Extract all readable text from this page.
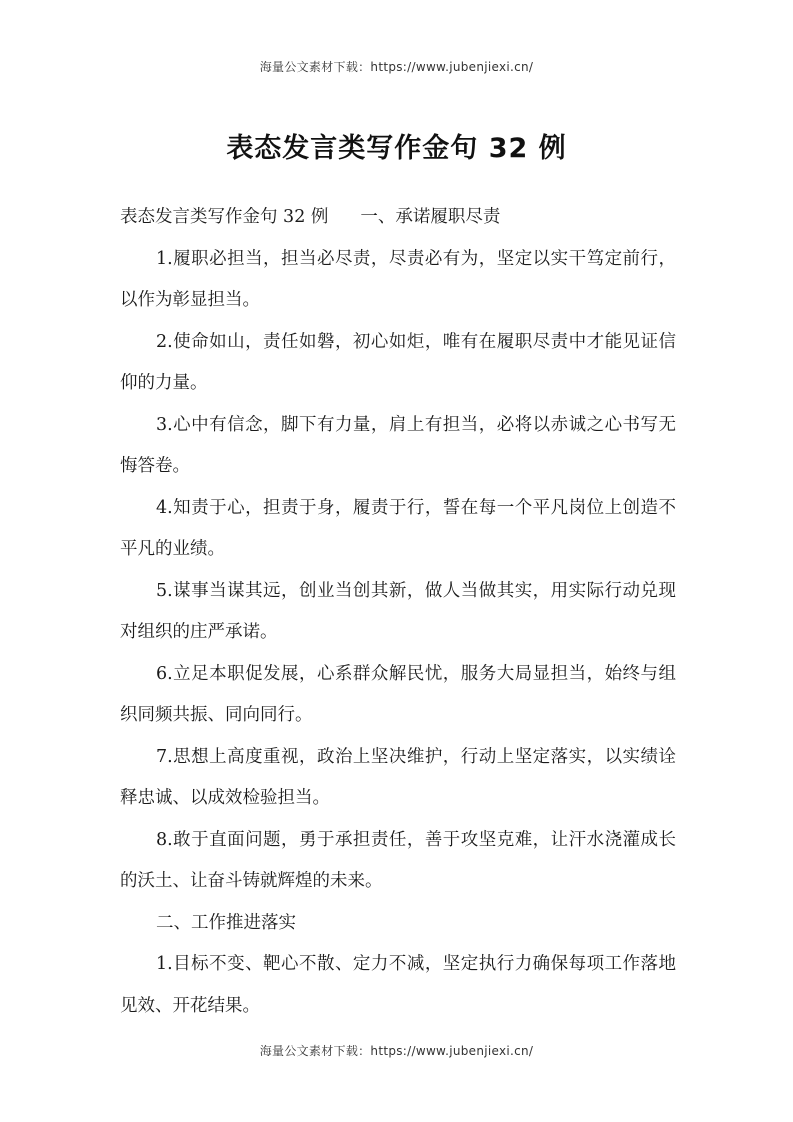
海量公文素材下载：https://www.jubenjiexi.cn/
表态发言类写作金句 32 例

表态发言类写作金句 32 例 一、承诺履职尽责

1.履职必担当，担当必尽责，尽责必有为，坚定以实干笃定前行，以作为彰显担当。

2.使命如山，责任如磐，初心如炬，唯有在履职尽责中才能见证信仰的力量。

3.心中有信念，脚下有力量，肩上有担当，必将以赤诚之心书写无悔答卷。

4.知责于心，担责于身，履责于行，誓在每一个平凡岗位上创造不平凡的业绩。

5.谋事当谋其远，创业当创其新，做人当做其实，用实际行动兑现对组织的庄严承诺。

6.立足本职促发展，心系群众解民忧，服务大局显担当，始终与组织同频共振、同向同行。

7.思想上高度重视，政治上坚决维护，行动上坚定落实，以实绩诠释忠诚、以成效检验担当。

8.敢于直面问题，勇于承担责任，善于攻坚克难，让汗水浇灌成长的沃土、让奋斗铸就辉煌的未来。

二、工作推进落实

1.目标不变、靶心不散、定力不减，坚定执行力确保每项工作落地见效、开花结果。

海量公文素材下载：https://www.jubenjiexi.cn/
